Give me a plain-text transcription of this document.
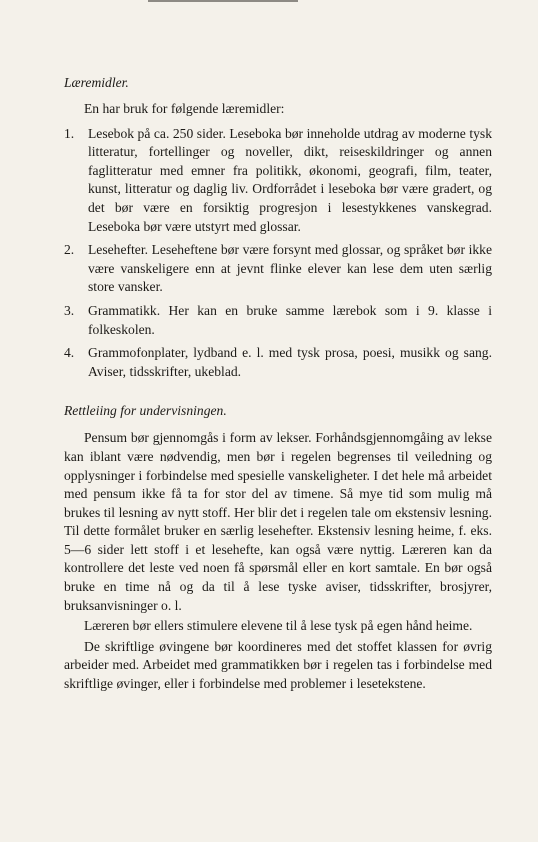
Læremidler.

En har bruk for følgende læremidler:

1. Lesebok på ca. 250 sider. Leseboka bør inneholde utdrag av moderne tysk litteratur, fortellinger og noveller, dikt, reiseskildringer og annen faglitteratur med emner fra politikk, økonomi, geografi, film, teater, kunst, litteratur og daglig liv. Ordforrådet i leseboka bør være gradert, og det bør være en forsiktig progresjon i lesestykkenes vanskegrad. Leseboka bør være utstyrt med glossar.
2. Lesehefter. Leseheftene bør være forsynt med glossar, og språket bør ikke være vanskeligere enn at jevnt flinke elever kan lese dem uten særlig store vansker.
3. Grammatikk. Her kan en bruke samme lærebok som i 9. klasse i folkeskolen.
4. Grammofonplater, lydband e. l. med tysk prosa, poesi, musikk og sang. Aviser, tidsskrifter, ukeblad.

Rettleiing for undervisningen.

Pensum bør gjennomgås i form av lekser. Forhåndsgjennomgåing av lekse kan iblant være nødvendig, men bør i regelen begrenses til veiledning og opplysninger i forbindelse med spesielle vanskeligheter. I det hele må arbeidet med pensum ikke få ta for stor del av timene. Så mye tid som mulig må brukes til lesning av nytt stoff. Her blir det i regelen tale om ekstensiv lesning. Til dette formålet bruker en særlig lesehefter. Ekstensiv lesning heime, f. eks. 5—6 sider lett stoff i et lesehefte, kan også være nyttig. Læreren kan da kontrollere det leste ved noen få spørsmål eller en kort samtale. En bør også bruke en time nå og da til å lese tyske aviser, tidsskrifter, brosjyrer, bruksanvisninger o. l.

Læreren bør ellers stimulere elevene til å lese tysk på egen hånd heime.

De skriftlige øvingene bør koordineres med det stoffet klassen for øvrig arbeider med. Arbeidet med grammatikken bør i regelen tas i forbindelse med skriftlige øvinger, eller i forbindelse med problemer i lesetekstene.
